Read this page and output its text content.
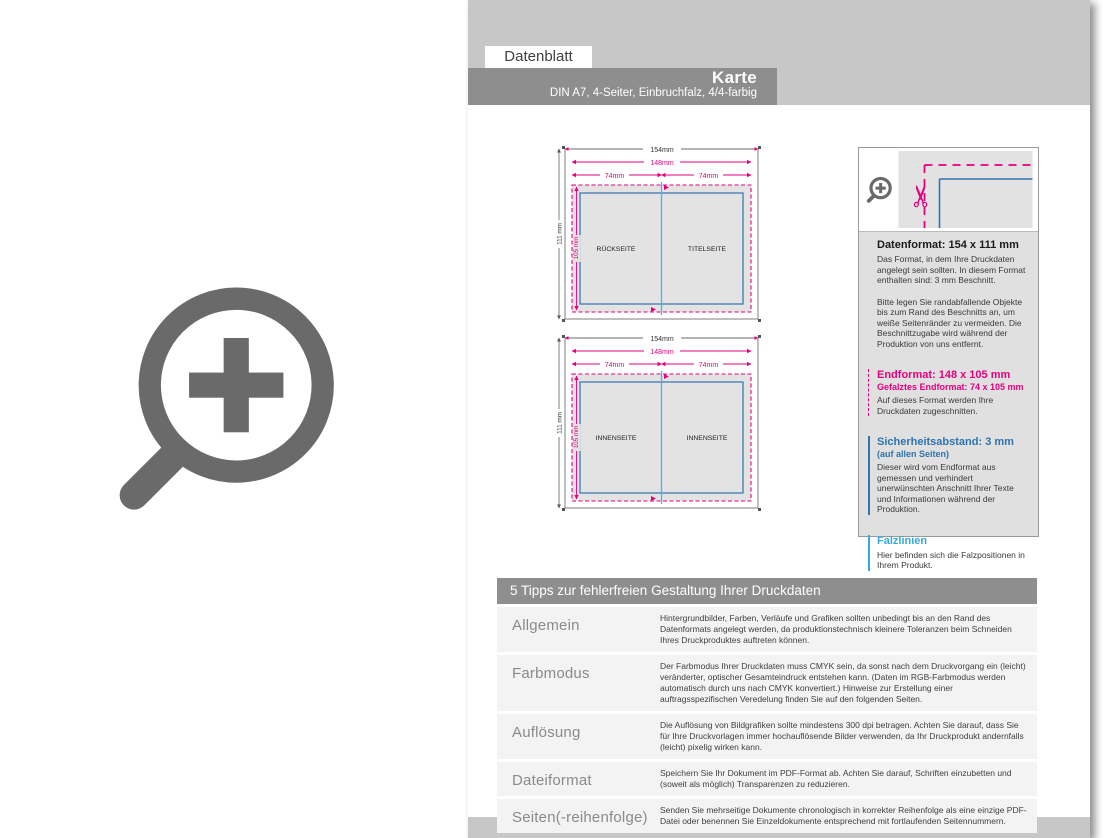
Datenblatt
Karte
DIN A7, 4-Seiter, Einbruchfalz, 4/4-farbig
154mm
148mm
74mm	74mm
111 mm
105 mm RÜCKSEITE	TITELSEITE
154mm
148mm
74mm	74mm
111 mm
105 mm INNENSEITE	INNENSEITE
✂
Datenformat: 154 x 111 mm

Das Format, in dem Ihre Druckdaten angelegt sein sollten. In diesem Format enthalten sind: 3 mm Beschnitt.

Bitte legen Sie randabfallende Objekte bis zum Rand des Beschnitts an, um weiße Seitenränder zu vermeiden. Die Beschnittzugabe wird während der Produktion von uns entfernt.

Endformat: 148 x 105 mm
Gefalztes Endformat: 74 x 105 mm

Auf dieses Format werden Ihre Druckdaten zugeschnitten.

Sicherheitsabstand: 3 mm
(auf allen Seiten)

Dieser wird vom Endformat aus gemessen und verhindert unerwünschten Anschnitt Ihrer Texte und Informationen während der Produktion.

Falzlinien

Hier befinden sich die Falzpositionen in Ihrem Produkt.

5 Tipps zur fehlerfreien Gestaltung Ihrer Druckdaten
Allgemein	Hintergrundbilder, Farben, Verläufe und Grafiken sollten unbedingt bis an den Rand des Datenformats angelegt werden, da produktionstechnisch kleinere Toleranzen beim Schneiden Ihres Druckproduktes auftreten können.
Farbmodus	Der Farbmodus Ihrer Druckdaten muss CMYK sein, da sonst nach dem Druckvorgang ein (leicht) veränderter, optischer Gesamteindruck entstehen kann. (Daten im RGB-Farbmodus werden automatisch durch uns nach CMYK konvertiert.) Hinweise zur Erstellung einer auftragsspezifischen Veredelung finden Sie auf den folgenden Seiten.
Auflösung	Die Auflösung von Bildgrafiken sollte mindestens 300 dpi betragen. Achten Sie darauf, dass Sie für Ihre Druckvorlagen immer hochauflösende Bilder verwenden, da Ihr Druckprodukt andernfalls (leicht) pixelig wirken kann.
Dateiformat	Speichern Sie Ihr Dokument im PDF-Format ab. Achten Sie darauf, Schriften einzubetten und (soweit als möglich) Transparenzen zu reduzieren.
Seiten(-reihenfolge)	Senden Sie mehrseitige Dokumente chronologisch in korrekter Reihenfolge als eine einzige PDF-Datei oder benennen Sie Einzeldokumente entsprechend mit fortlaufenden Seitennummern.
